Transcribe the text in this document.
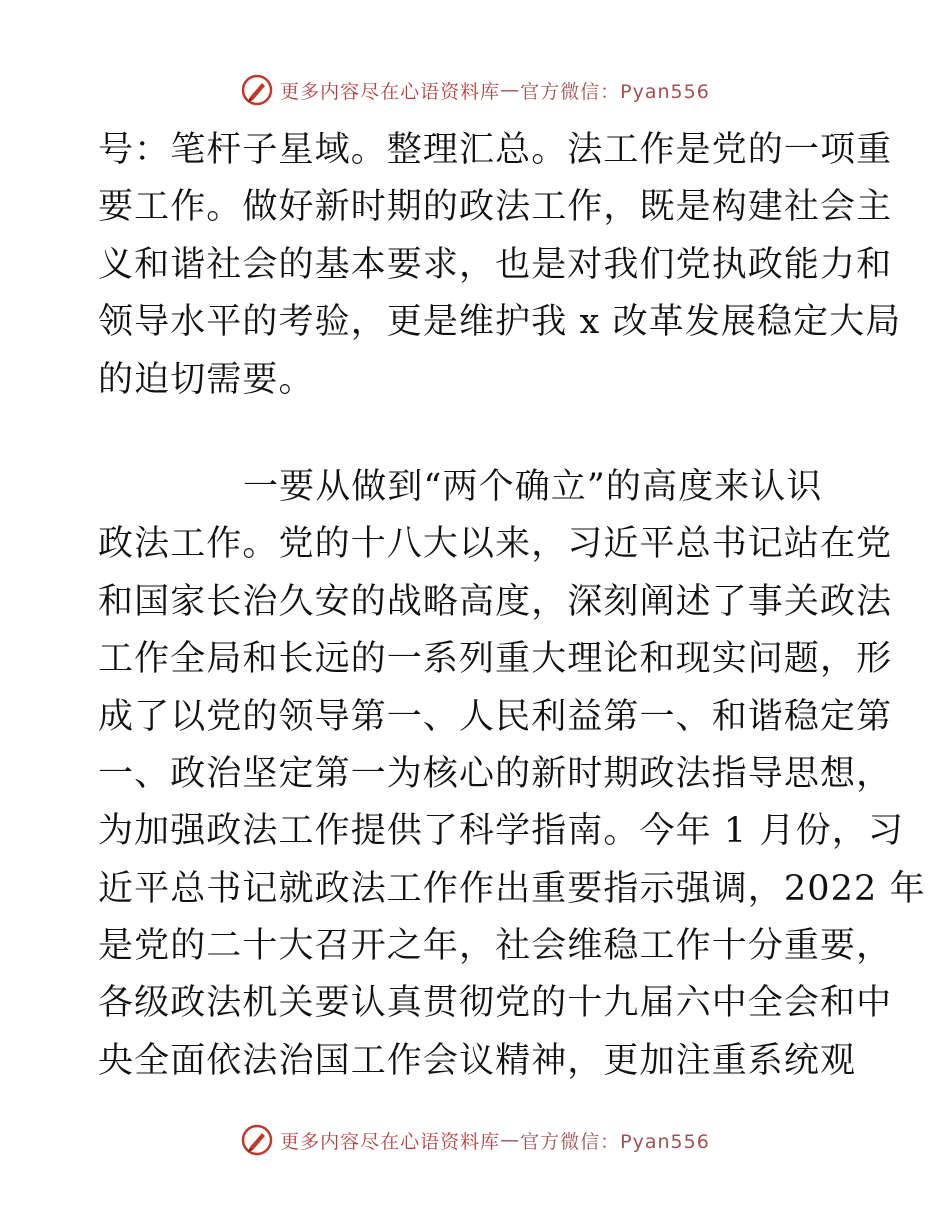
更多内容尽在心语资料库 — 官方微信：Pyan556
号：笔杆子星域。整理汇总。法工作是党的一项重
要工作。做好新时期的政法工作，既是构建社会主
义和谐社会的基本要求，也是对我们党执政能力和
领导水平的考验，更是维护我 x 改革发展稳定大局
的迫切需要。
一要从做到“两个确立”的高度来认识
政法工作。党的十八大以来，习近平总书记站在党
和国家长治久安的战略高度，深刻阐述了事关政法
工作全局和长远的一系列重大理论和现实问题，形
成了以党的领导第一、人民利益第一、和谐稳定第
一、政治坚定第一为核心的新时期政法指导思想，
为加强政法工作提供了科学指南。今年 1 月份，习
近平总书记就政法工作作出重要指示强调，2022 年
是党的二十大召开之年，社会维稳工作十分重要，
各级政法机关要认真贯彻党的十九届六中全会和中
央全面依法治国工作会议精神，更加注重系统观
更多内容尽在心语资料库 — 官方微信：Pyan556
